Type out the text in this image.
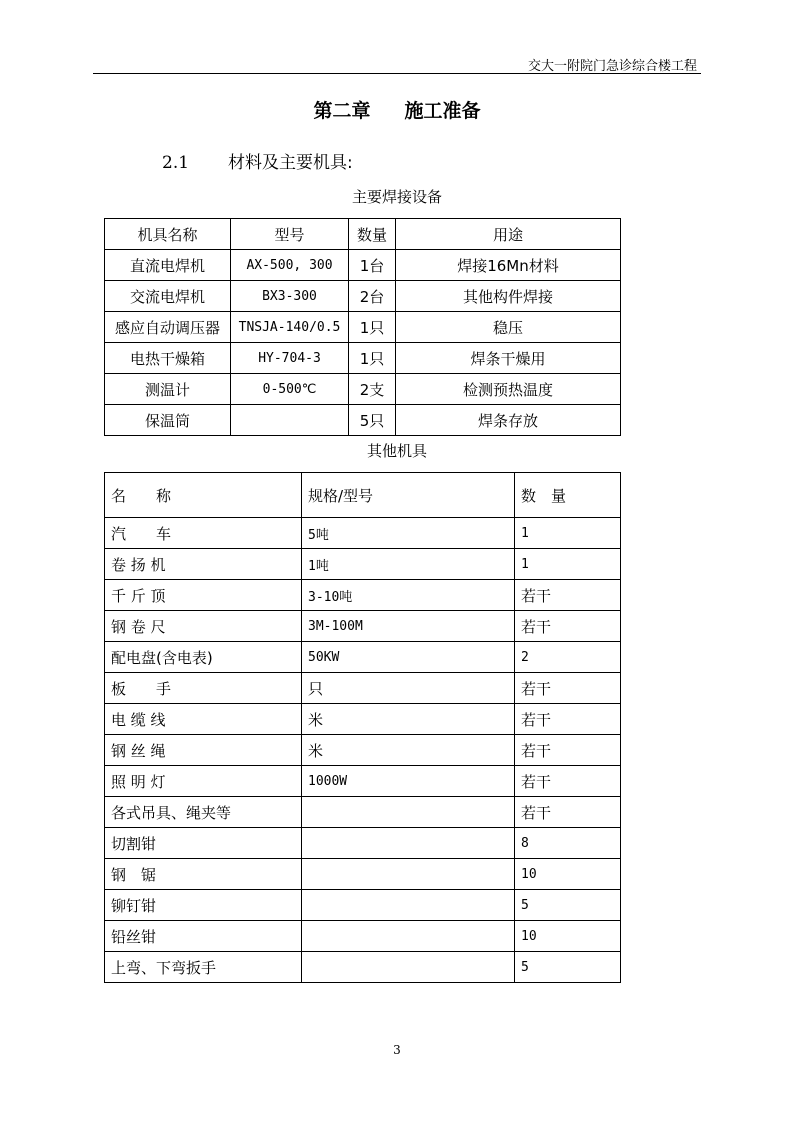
交大一附院门急诊综合楼工程
第二章 施工准备
2.1 材料及主要机具:
主要焊接设备
机具名称	型号	数量	用途
直流电焊机	AX-500, 300	1台	焊接16Mn材料
交流电焊机	BX3-300	2台	其他构件焊接
感应自动调压器	TNSJA-140/0.5	1只	稳压
电热干燥箱	HY-704-3	1只	焊条干燥用
测温计	0-500℃	2支	检测预热温度
保温筒		5只	焊条存放
其他机具
名　　称	规格/型号	数　量
汽　　车	5吨	1
卷 扬 机	1吨	1
千 斤 顶	3-10吨	若干
钢 卷 尺	3M-100M	若干
配电盘(含电表)	50KW	2
板　　手	只	若干
电 缆 线	米	若干
钢 丝 绳	米	若干
照 明 灯	1000W	若干
各式吊具、绳夹等		若干
切割钳		8
钢　锯		10
铆钉钳		5
铅丝钳		10
上弯、下弯扳手		5
3
